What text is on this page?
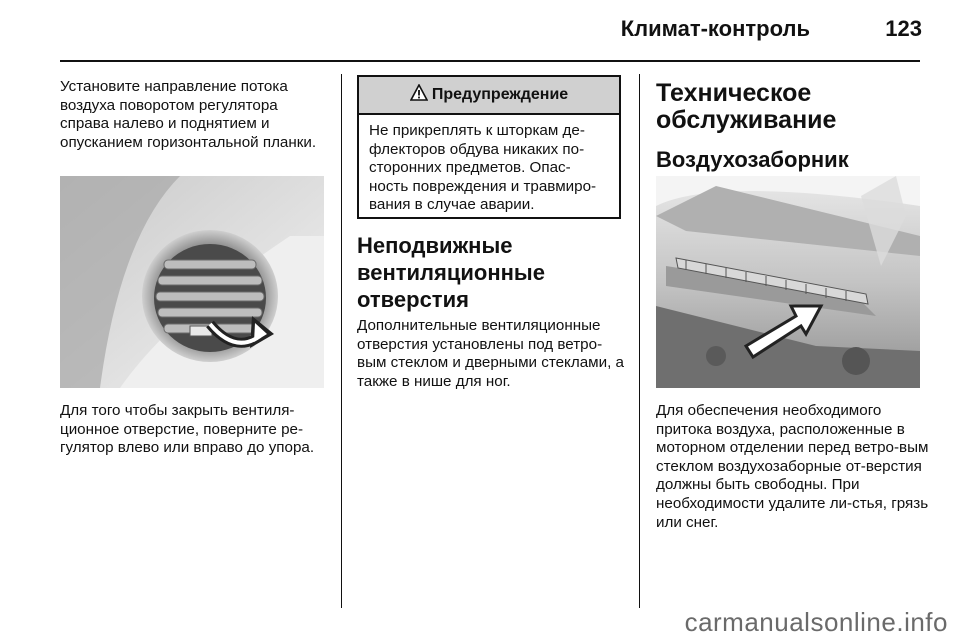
Климат-контроль	123

Установите направление потока воздуха поворотом регулятора справа налево и поднятием и опусканием горизонтальной планки.

Для того чтобы закрыть вентиля-ционное отверстие, поверните ре-гулятор влево или вправо до упора.

Предупреждение

Не прикреплять к шторкам де-флекторов обдува никаких по-сторонних предметов. Опас-ность повреждения и травмиро-вания в случае аварии.

Неподвижные вентиляционные отверстия

Дополнительные вентиляционные отверстия установлены под ветро-вым стеклом и дверными стеклами, а также в нише для ног.

Техническое обслуживание
Воздухозаборник

Для обеспечения необходимого притока воздуха, расположенные в моторном отделении перед ветро-вым стеклом воздухозаборные от-верстия должны быть свободны. При необходимости удалите ли-стья, грязь или снег.

carmanualsonline.info
